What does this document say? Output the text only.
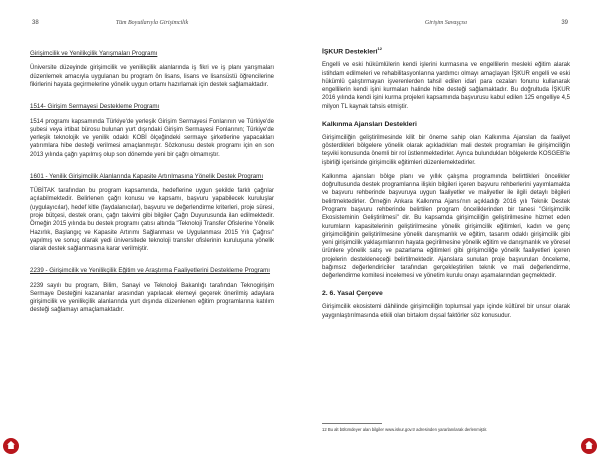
38	Tüm Boyutlarıyla Girişimcilik
Girişimcilik ve Yenilikçilik Yarışmaları Programı

Üniversite düzeyinde girişimcilik ve yenilikçilik alanlarında iş fikri ve iş planı yarışmaları düzenlemek amacıyla uygulanan bu program ön lisans, lisans ve lisansüstü öğrencilerine fikirlerini hayata geçirmelerine yönelik uygun ortamı hazırlamak için destek sağlamaktadır.

1514- Girişim Sermayesi Destekleme Programı

1514 programı kapsamında Türkiye'de yerleşik Girişim Sermayesi Fonlarının ve Türkiye'de şubesi veya irtibat bürosu bulunan yurt dışındaki Girişim Sermayesi Fonlarının; Türkiye'de yerleşik teknolojik ve yenilik odaklı KOBİ ölçeğindeki sermaye şirketlerine yapacakları yatırımlara hibe desteği verilmesi amaçlanmıştır. Sözkonusu destek programı için en son 2013 yılında çağrı yapılmış olup son dönemde yeni bir çağrı olmamıştır.

1601 - Yenilik Girişimcilik Alanlarında Kapasite Artırılmasına Yönelik Destek Programı

TÜBİTAK tarafından bu program kapsamında, hedeflerine uygun şekilde farklı çağrılar açılabilmektedir. Belirlenen çağrı konusu ve kapsamı, başvuru yapabilecek kuruluşlar (uygulayıcılar), hedef kitle (faydalanıcılar), başvuru ve değerlendirme kriterleri, proje süresi, proje bütçesi, destek oranı, çağrı takvimi gibi bilgiler Çağrı Duyurusunda ilan edilmektedir. Örneğin 2015 yılında bu destek programı çatısı altında "Teknoloji Transfer Ofislerine Yönelik Hazırlık, Başlangıç ve Kapasite Artırımı Sağlanması ve Uygulanması 2015 Yılı Çağrısı" yapılmış ve sonuç olarak yedi üniversitede teknoloji transfer ofislerinin kuruluşuna yönelik olarak destek sağlanmasına karar verilmiştir.

2239 - Girişimcilik ve Yenilikçilik Eğitim ve Araştırma Faaliyetlerini Destekleme Programı

2239 sayılı bu program, Bilim, Sanayi ve Teknoloji Bakanlığı tarafından Teknogirişim Sermaye Desteğini kazananlar arasından yapılacak elemeyi geçerek önerilmiş adaylara girişimcilik ve yenilikçilik alanlarında yurt dışında düzenlenen eğitim programlarına katılım desteği sağlamayı amaçlamaktadır.

Girişim Savaşçısı	39
İŞKUR Destekleri$^{12}$

Engelli ve eski hükümlülerin kendi işlerini kurmasına ve engellilerin mesleki eğitim alarak istihdam edilmeleri ve rehabilitasyonlarına yardımcı olmayı amaçlayan İŞKUR engelli ve eski hükümlü çalıştırmayan işverenlerden tahsil edilen idari para cezaları fonunu kullanarak engellilerin kendi işini kurmaları halinde hibe desteği sağlamaktadır. Bu doğrultuda İŞKUR 2016 yılında kendi işini kurma projeleri kapsamında başvurusu kabul edilen 125 engelliye 4,5 milyon TL kaynak tahsis etmiştir.

Kalkınma Ajansları Destekleri

Girişimciliğin geliştirilmesinde kilit bir öneme sahip olan Kalkınma Ajansları da faaliyet gösterdikleri bölgelere yönelik olarak açıkladıkları mali destek programları ile girişimciliğin teşviki konusunda önemli bir rol üstlenmektedirler. Ayrıca bulundukları bölgelerde KOSGEB'le işbirliği içerisinde girişimcilik eğitimleri düzenlemektedirler.

Kalkınma ajansları bölge planı ve yıllık çalışma programında belirttikleri öncelikler doğrultusunda destek programlarına ilişkin bilgileri içeren başvuru rehberlerini yayımlamakta ve başvuru rehberinde başvuruya uygun faaliyetler ve maliyetler ile ilgili detaylı bilgileri belirtmektedirler. Örneğin Ankara Kalkınma Ajansı'nın açıkladığı 2016 yılı Teknik Destek Programı başvuru rehberinde belirtilen program önceliklerinden bir tanesi "Girişimcilik Ekosisteminin Geliştirilmesi" dir. Bu kapsamda girişimciliğin geliştirilmesine hizmet eden kurumların kapasitelerinin geliştirilmesine yönelik girişimcilik eğitimleri, kadın ve genç girişimciliğinin geliştirilmesine yönelik danışmanlık ve eğitim, tasarım odaklı girişimcilik gibi yeni girişimcilik yaklaşımlarının hayata geçirilmesine yönelik eğitim ve danışmanlık ve yöresel ürünlere yönelik satış ve pazarlama eğitimleri gibi girişimciliğe yönelik faaliyetleri içeren projelerin destekleneceği belirtilmektedir. Ajanslara sunulan proje başvuruları önceleme, bağımsız değerlendiriciler tarafından gerçekleştirilen teknik ve mali değerlendirme, değerlendirme komitesi incelemesi ve yönetim kurulu onayı aşamalarından geçmektedir.

2. 6. Yasal Çerçeve

Girişimcilik ekosistemi dâhilinde girişimciliğin toplumsal yapı içinde kültürel bir unsur olarak yaygınlaştırılmasında etkili olan birtakım dışsal faktörler söz konusudur.

12 Bu alt bölümdeyer alan bilgiler www.iskur.gov.tr adresinden yararlanılarak derlenmiştir.
